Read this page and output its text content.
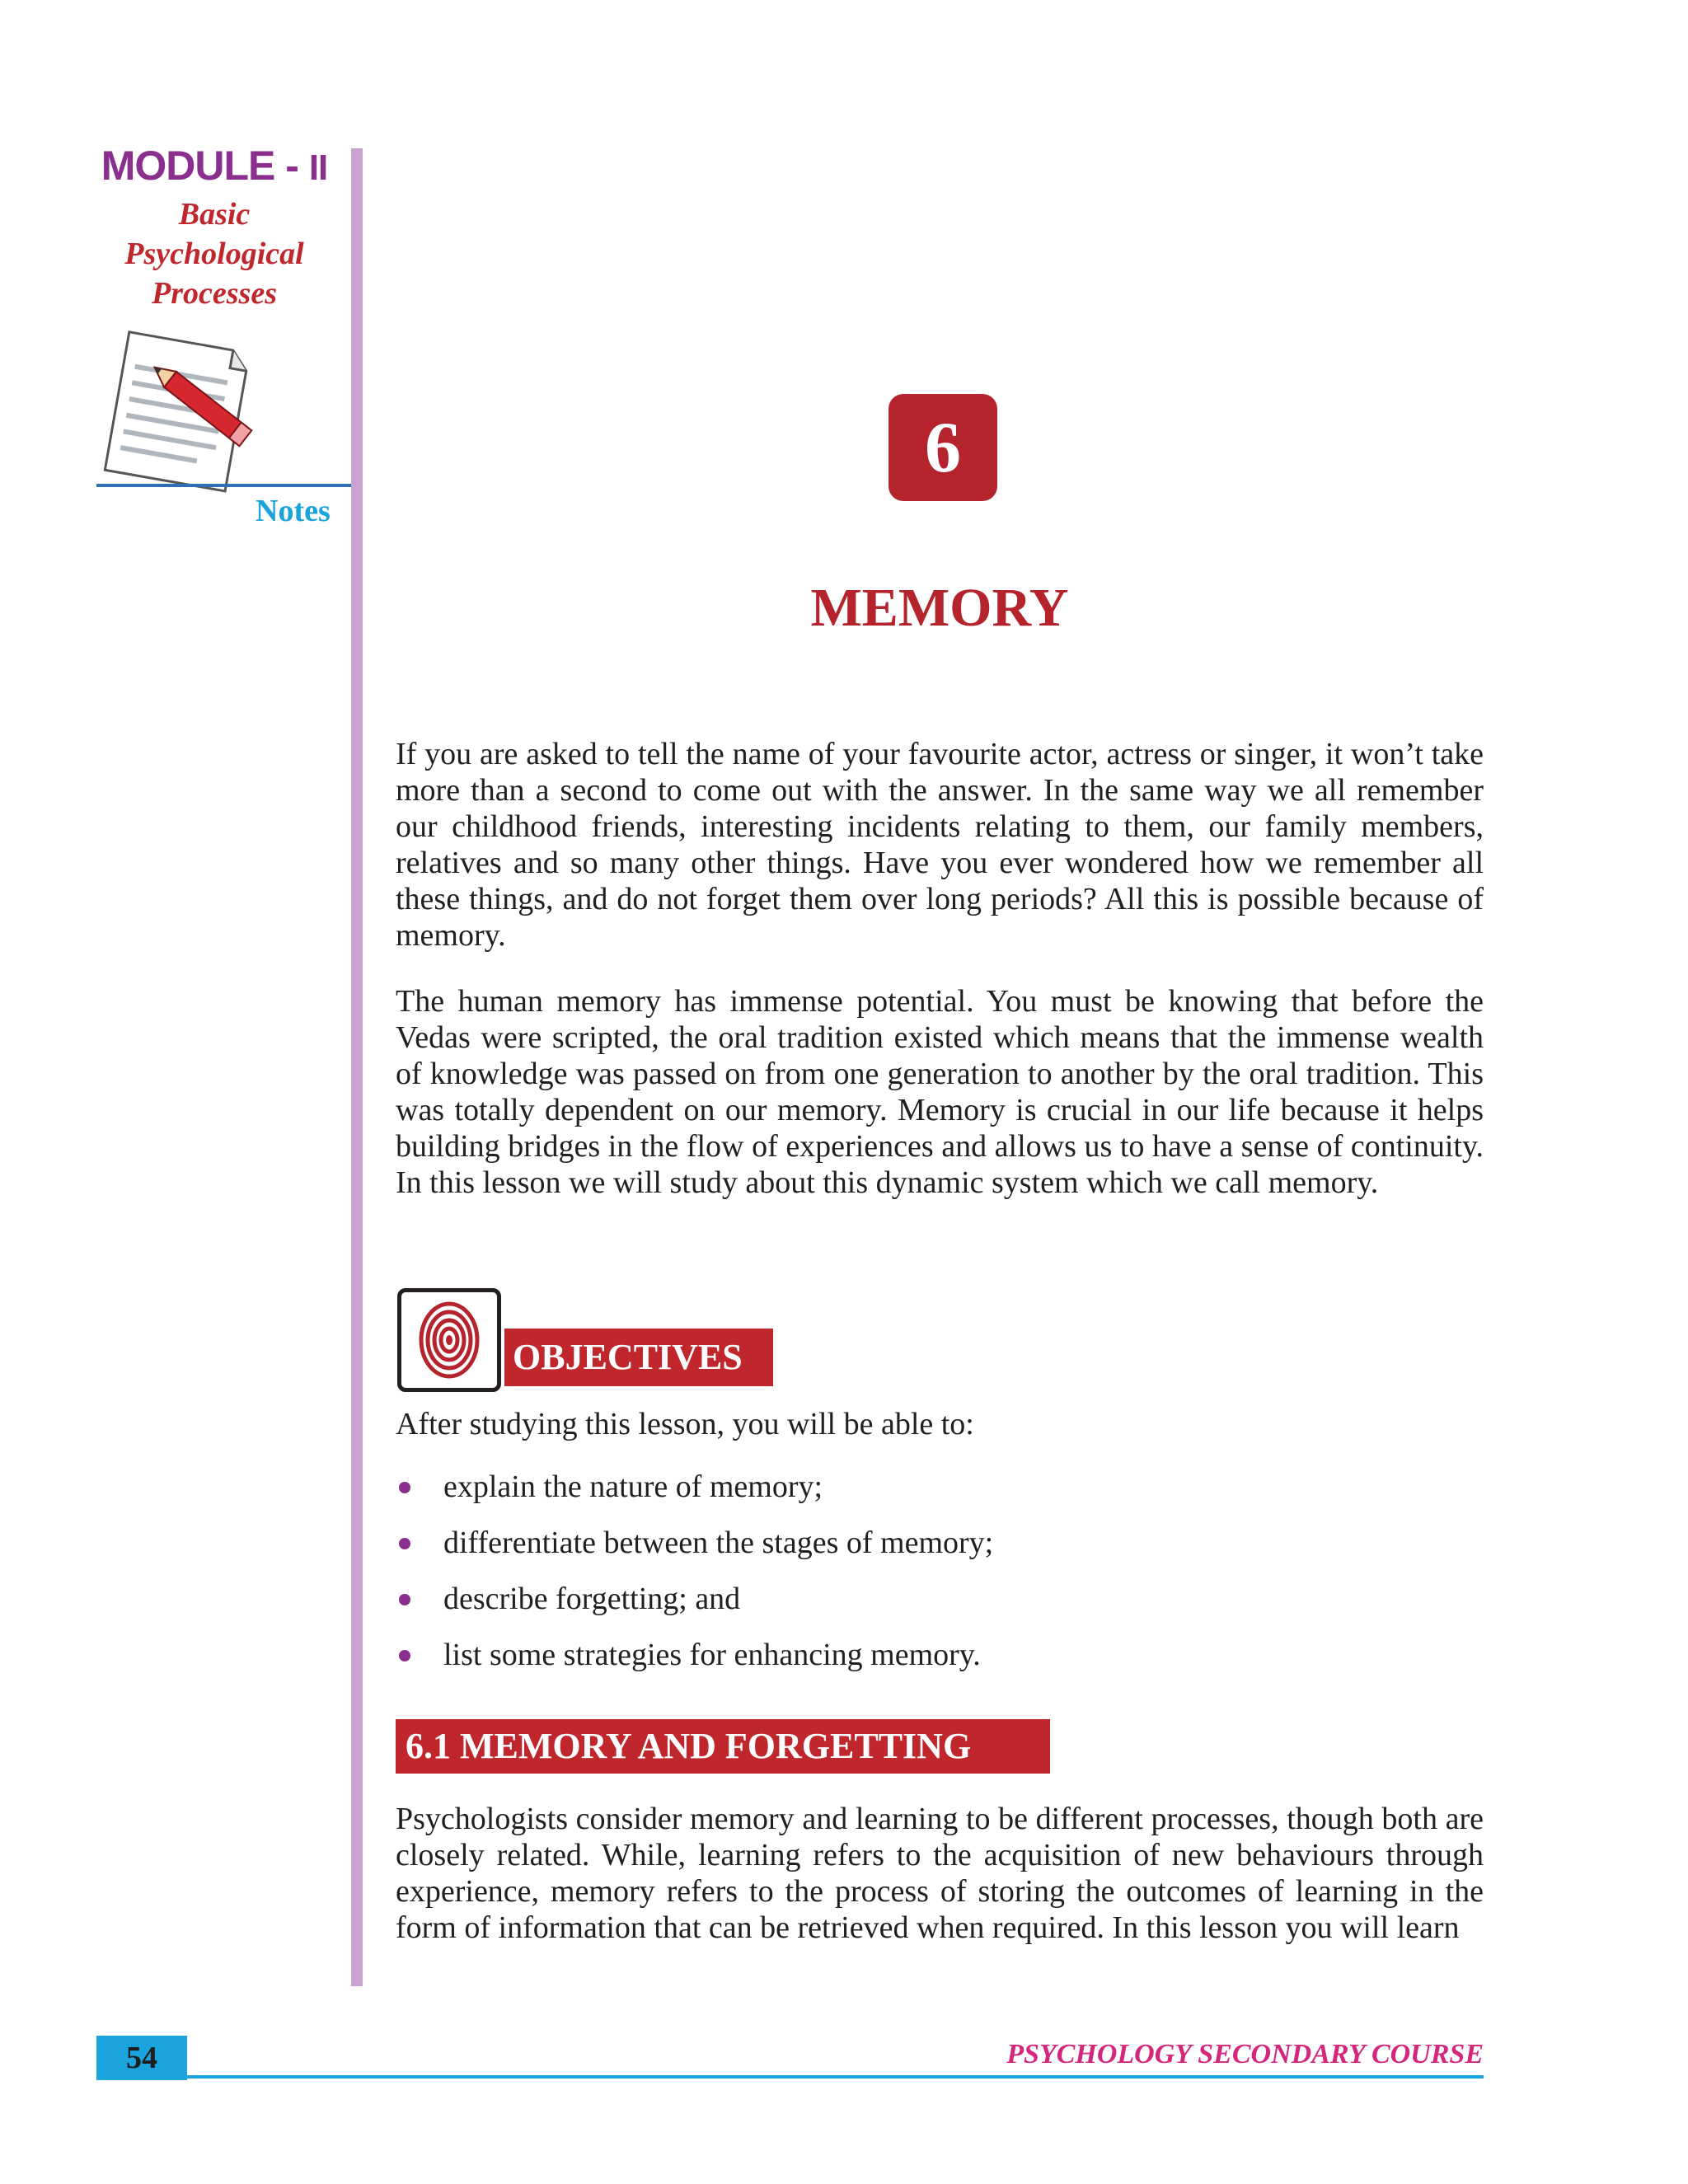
MODULE - II
Basic
Psychological
Processes
Notes
6
MEMORY

If you are asked to tell the name of your favourite actor, actress or singer, it won’t take more than a second to come out with the answer. In the same way we all remember our childhood friends, interesting incidents relating to them, our family members, relatives and so many other things. Have you ever wondered how we remember all these things, and do not forget them over long periods? All this is possible because of memory.

The human memory has immense potential. You must be knowing that before the Vedas were scripted, the oral tradition existed which means that the immense wealth of knowledge was passed on from one generation to another by the oral tradition. This was totally dependent on our memory. Memory is crucial in our life because it helps building bridges in the flow of experiences and allows us to have a sense of continuity. In this lesson we will study about this dynamic system which we call memory.

OBJECTIVES

After studying this lesson, you will be able to:

explain the nature of memory;
differentiate between the stages of memory;
describe forgetting; and
list some strategies for enhancing memory.
6.1 MEMORY AND FORGETTING

Psychologists consider memory and learning to be different processes, though both are closely related. While, learning refers to the acquisition of new behaviours through experience, memory refers to the process of storing the outcomes of learning in the form of information that can be retrieved when required. In this lesson you will learn

54	PSYCHOLOGY SECONDARY COURSE
